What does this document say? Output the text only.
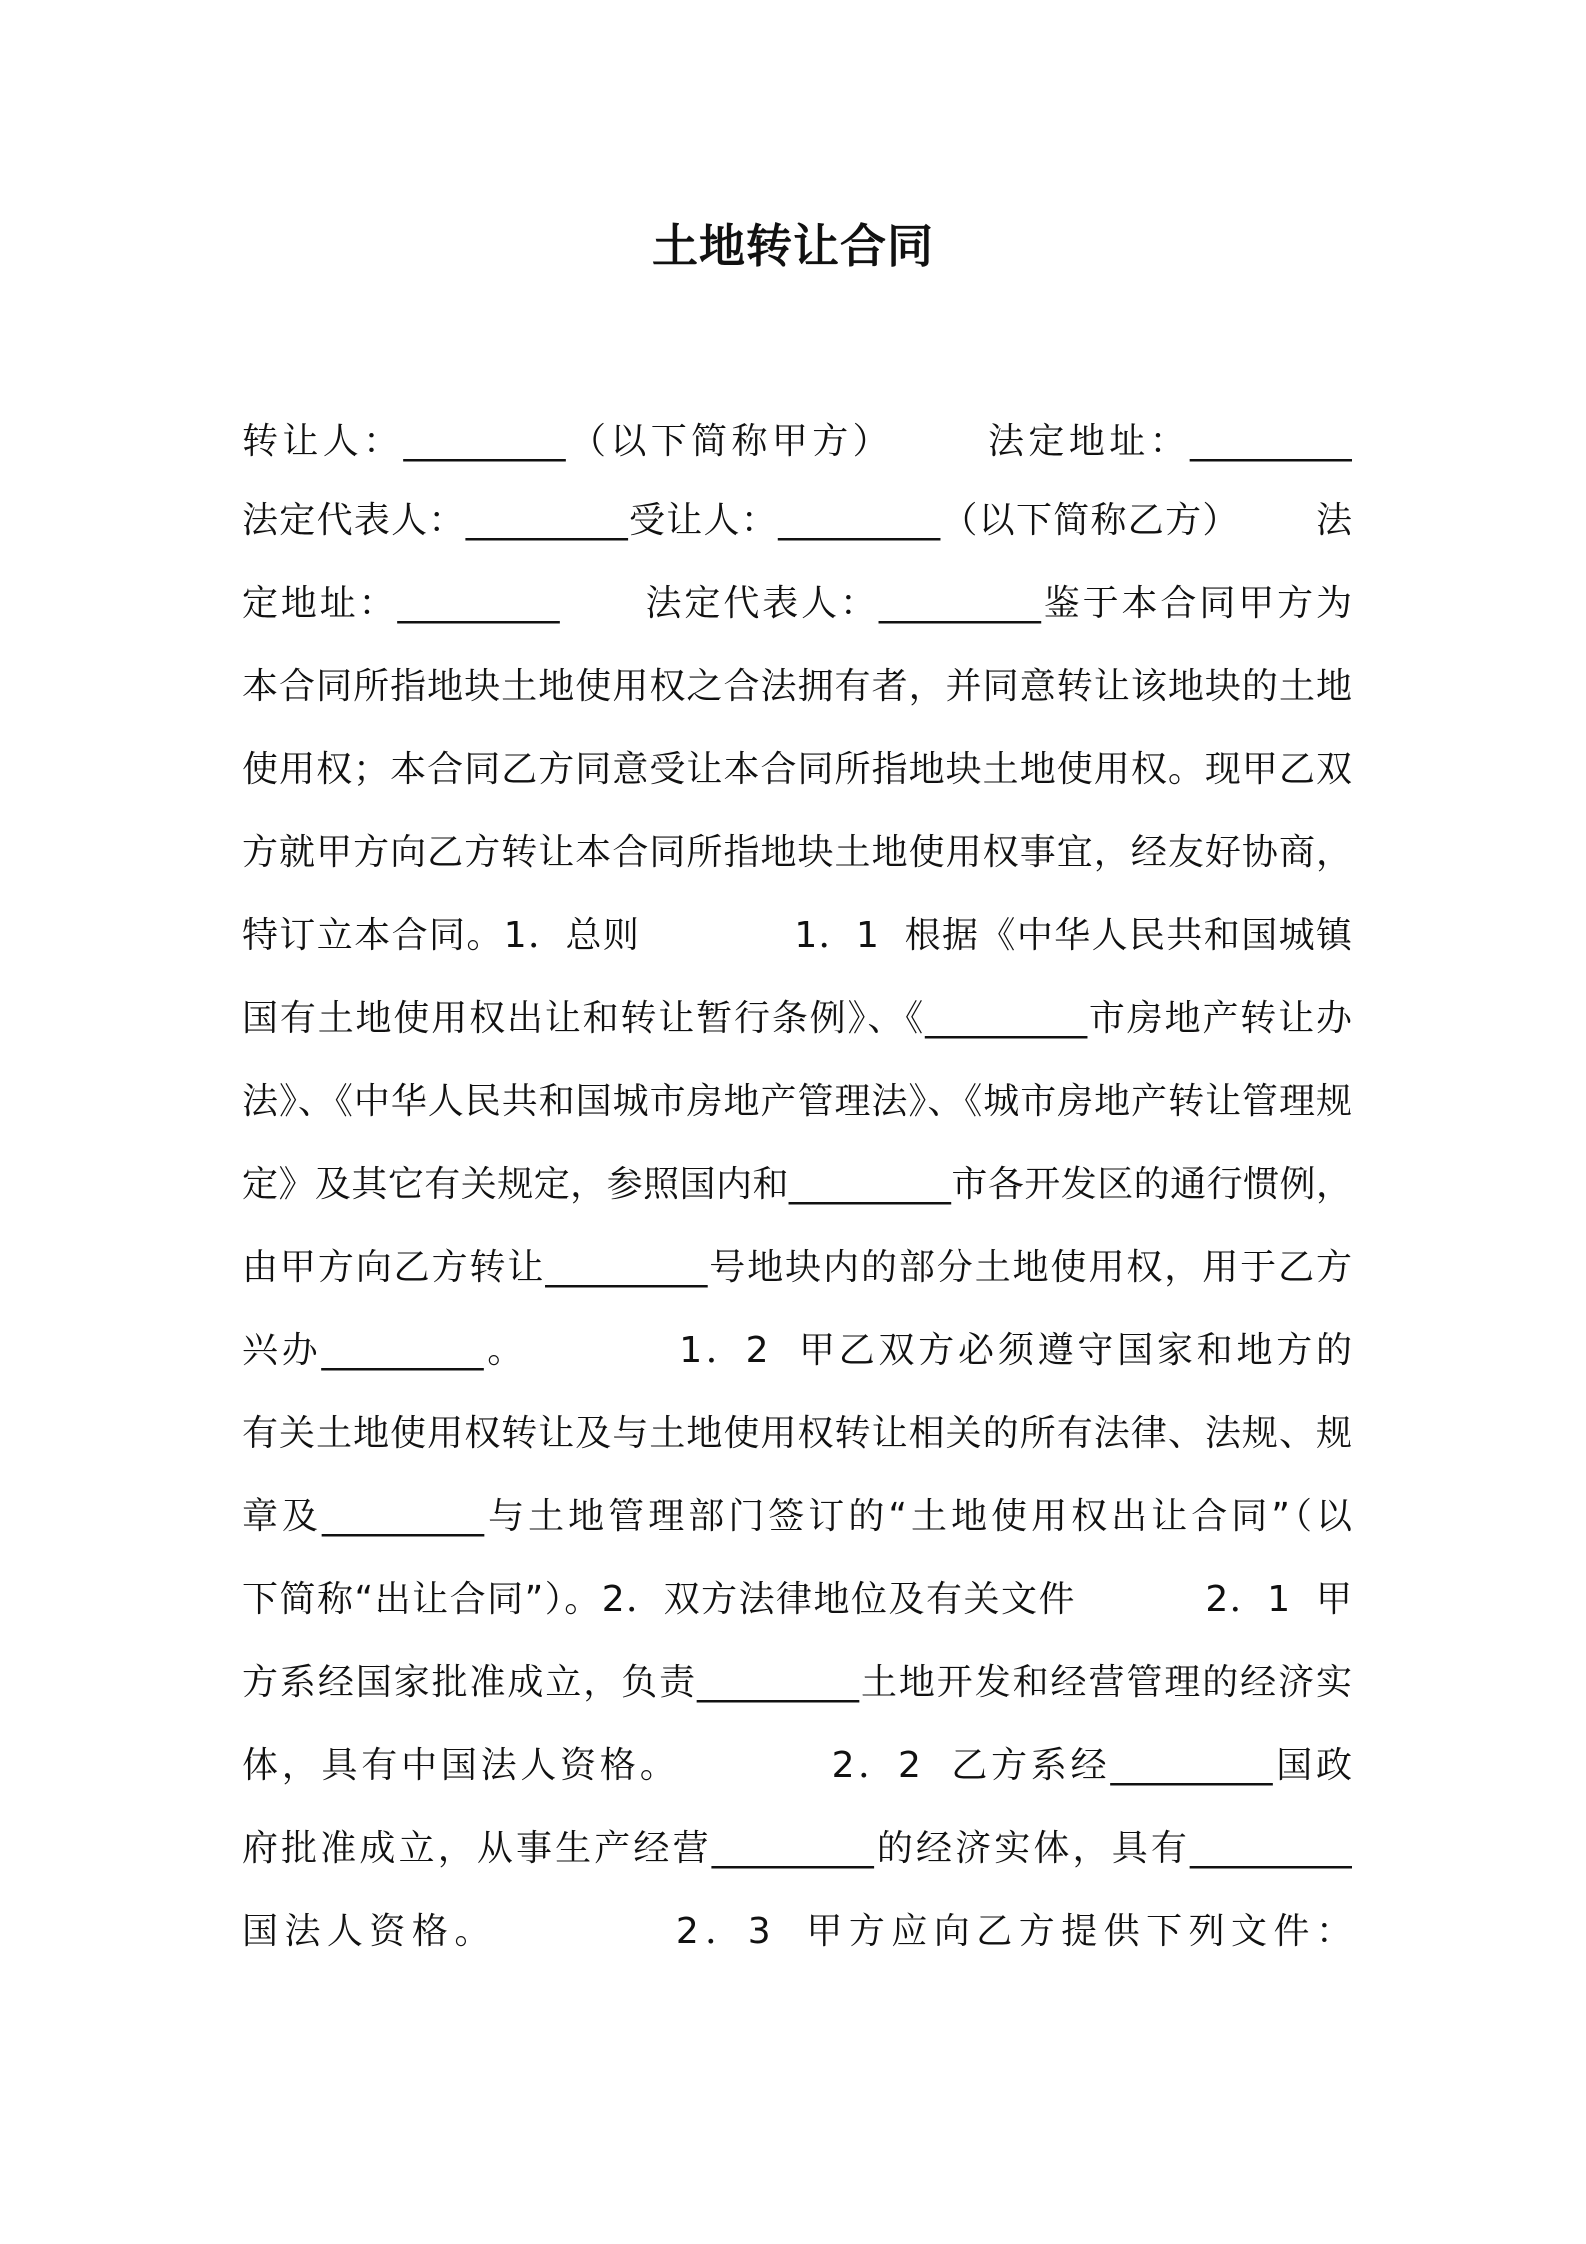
土地转让合同
转让人：_________（以下简称甲方）      法定地址：_________
法定代表人：_________受让人：_________（以下简称乙方）      法
定地址：_________      法定代表人：_________鉴于本合同甲方为
本合同所指地块土地使用权之合法拥有者，并同意转让该地块的土地
使用权；本合同乙方同意受让本合同所指地块土地使用权。现甲乙双
方就甲方向乙方转让本合同所指地块土地使用权事宜，经友好协商，
特订立本合同。1．总则            1．1  根据《中华人民共和国城镇
国有土地使用权出让和转让暂行条例》、《_________市房地产转让办
法》、《中华人民共和国城市房地产管理法》、《城市房地产转让管理规
定》及其它有关规定，参照国内和_________市各开发区的通行惯例，
由甲方向乙方转让_________号地块内的部分土地使用权，用于乙方
兴办_________。          1．2  甲乙双方必须遵守国家和地方的
有关土地使用权转让及与土地使用权转让相关的所有法律、法规、规
章及_________与土地管理部门签订的“土地使用权出让合同”（以
下简称“出让合同”）。2．双方法律地位及有关文件          2．1  甲
方系经国家批准成立，负责_________土地开发和经营管理的经济实
体，具有中国法人资格。          2．2  乙方系经_________国政
府批准成立，从事生产经营_________的经济实体，具有_________
国法人资格。          2．3  甲方应向乙方提供下列文件：
